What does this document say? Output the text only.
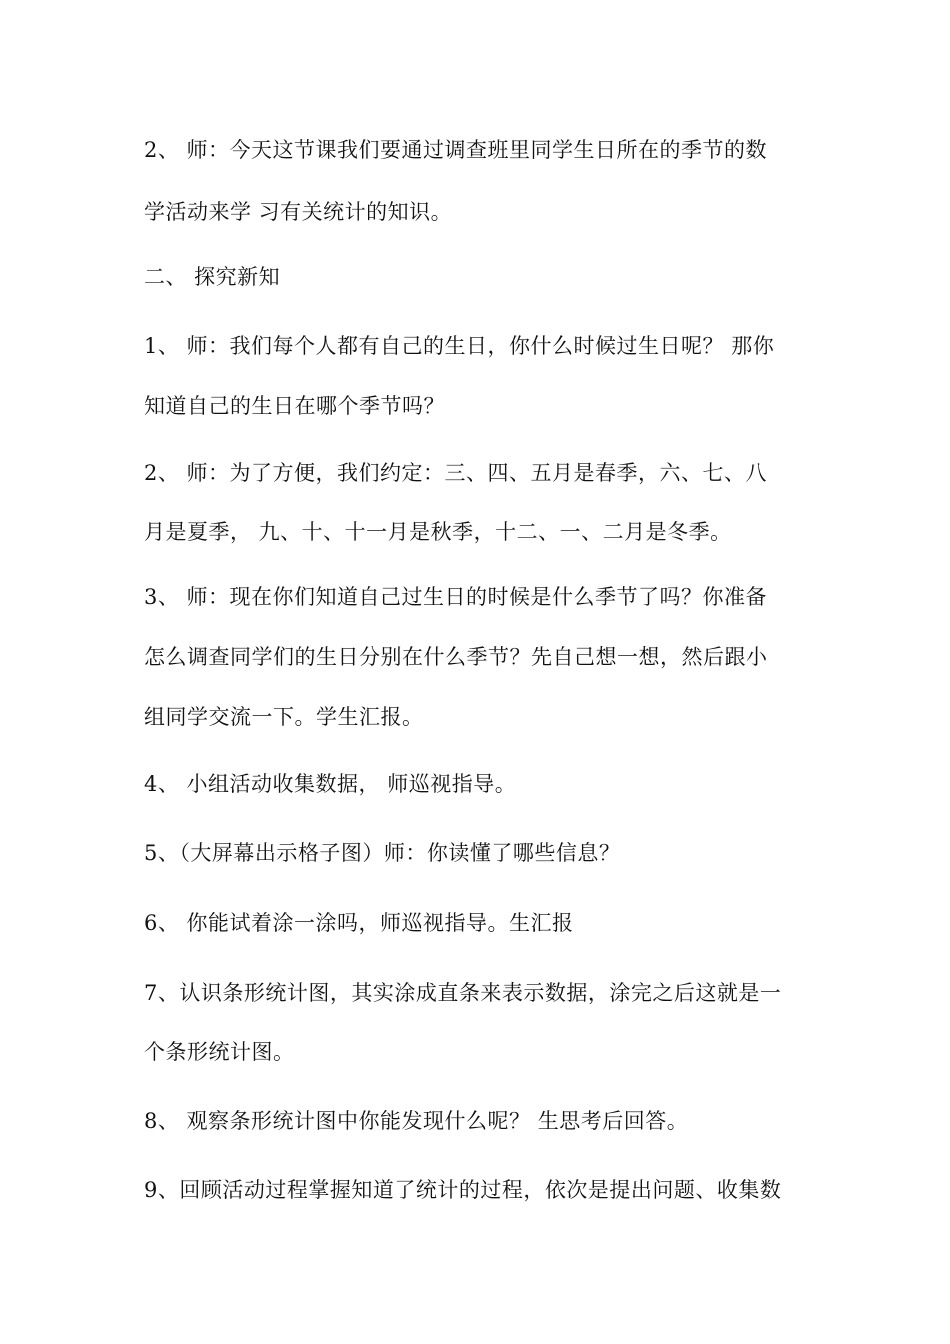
2、 师：今天这节课我们要通过调查班里同学生日所在的季节的数
学活动来学 习有关统计的知识。
二、 探究新知
1、 师：我们每个人都有自己的生日，你什么时候过生日呢？ 那你
知道自己的生日在哪个季节吗？
2、 师：为了方便，我们约定：三、四、五月是春季，六、七、八
月是夏季， 九、十、十一月是秋季，十二、一、二月是冬季。
3、 师：现在你们知道自己过生日的时候是什么季节了吗？你准备
怎么调查同学们的生日分别在什么季节？先自己想一想，然后跟小
组同学交流一下。学生汇报。
4、 小组活动收集数据， 师巡视指导。
5、（大屏幕出示格子图）师：你读懂了哪些信息？
6、 你能试着涂一涂吗，师巡视指导。生汇报
7、认识条形统计图，其实涂成直条来表示数据，涂完之后这就是一
个条形统计图。
8、 观察条形统计图中你能发现什么呢？ 生思考后回答。
9、回顾活动过程掌握知道了统计的过程，依次是提出问题、收集数
